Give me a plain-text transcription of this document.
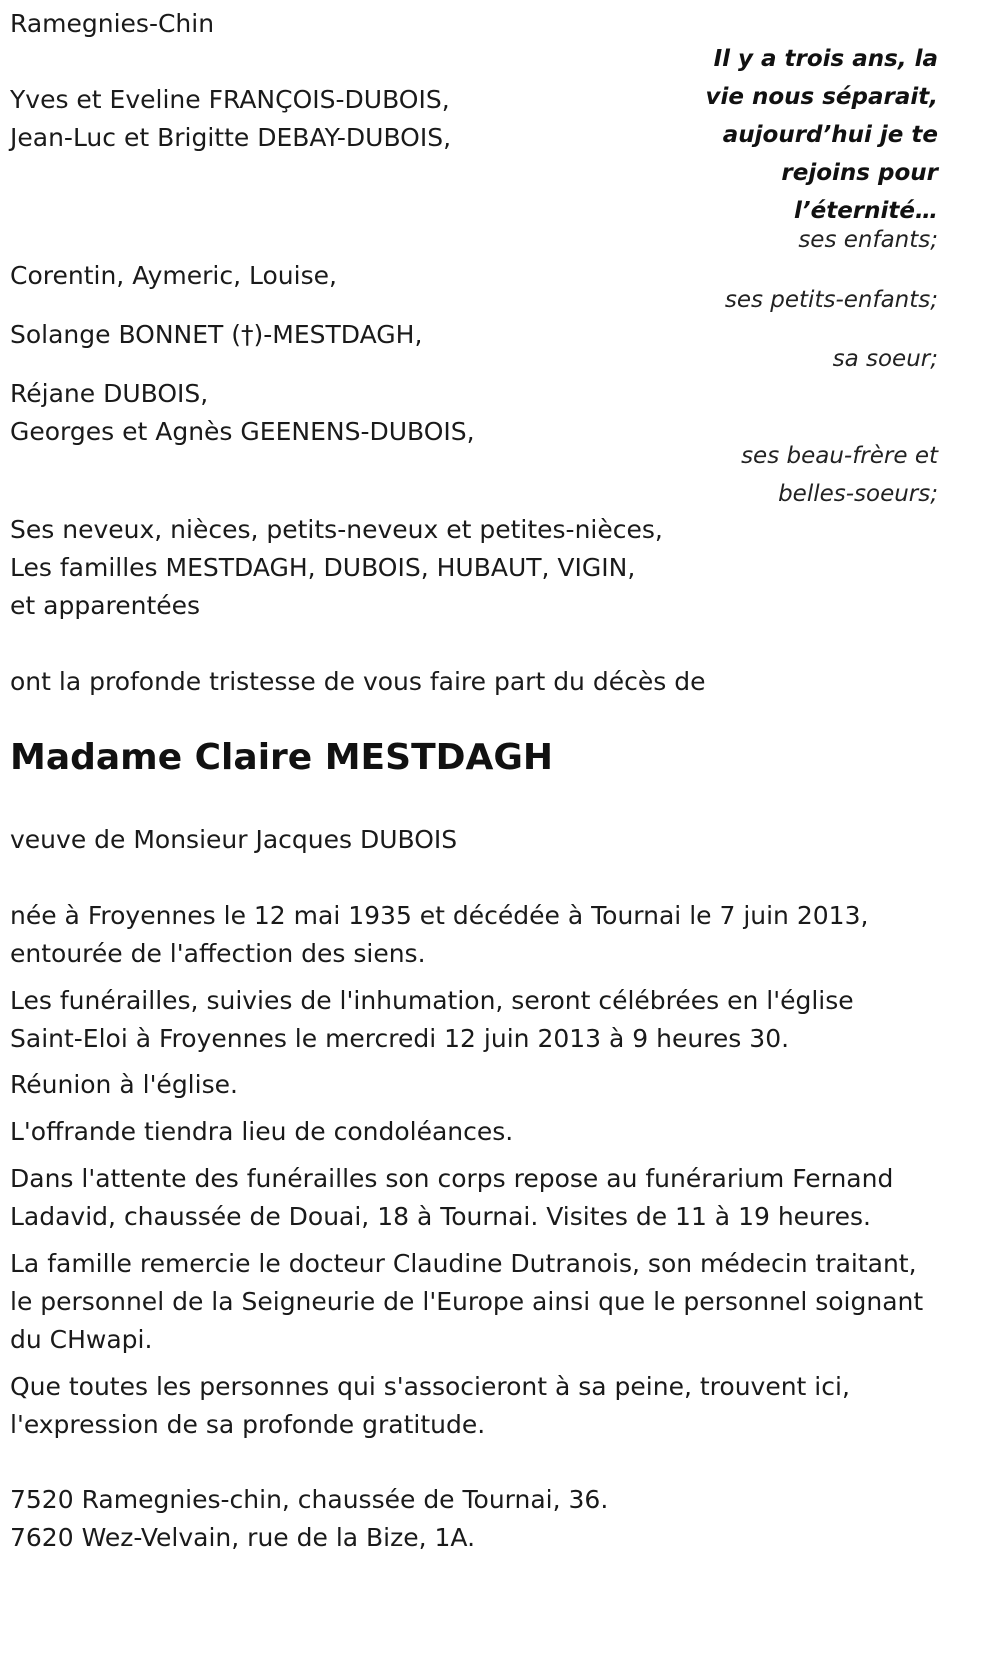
Ramegnies-Chin
Il y a trois ans, la vie nous séparait, aujourd’hui je te rejoins pour l’éternité…
Yves et Eveline FRANÇOIS-DUBOIS,
Jean-Luc et Brigitte DEBAY-DUBOIS,
ses enfants;
Corentin, Aymeric, Louise,
ses petits-enfants;
Solange BONNET (†)-MESTDAGH,
sa soeur;
Réjane DUBOIS,
Georges et Agnès GEENENS-DUBOIS,
ses beau-frère et
belles-soeurs;
Ses neveux, nièces, petits-neveux et petites-nièces,
Les familles MESTDAGH, DUBOIS, HUBAUT, VIGIN,
et apparentées
ont la profonde tristesse de vous faire part du décès de
Madame Claire MESTDAGH
veuve de Monsieur Jacques DUBOIS
née à Froyennes le 12 mai 1935 et décédée à Tournai le 7 juin 2013,
entourée de l'affection des siens.
Les funérailles, suivies de l'inhumation, seront célébrées en l'église
Saint-Eloi à Froyennes le mercredi 12 juin 2013 à 9 heures 30.
Réunion à l'église.
L'offrande tiendra lieu de condoléances.
Dans l'attente des funérailles son corps repose au funérarium Fernand
Ladavid, chaussée de Douai, 18 à Tournai. Visites de 11 à 19 heures.
La famille remercie le docteur Claudine Dutranois, son médecin traitant,
le personnel de la Seigneurie de l'Europe ainsi que le personnel soignant
du CHwapi.
Que toutes les personnes qui s'associeront à sa peine, trouvent ici,
l'expression de sa profonde gratitude.
7520 Ramegnies-chin, chaussée de Tournai, 36.
7620 Wez-Velvain, rue de la Bize, 1A.
